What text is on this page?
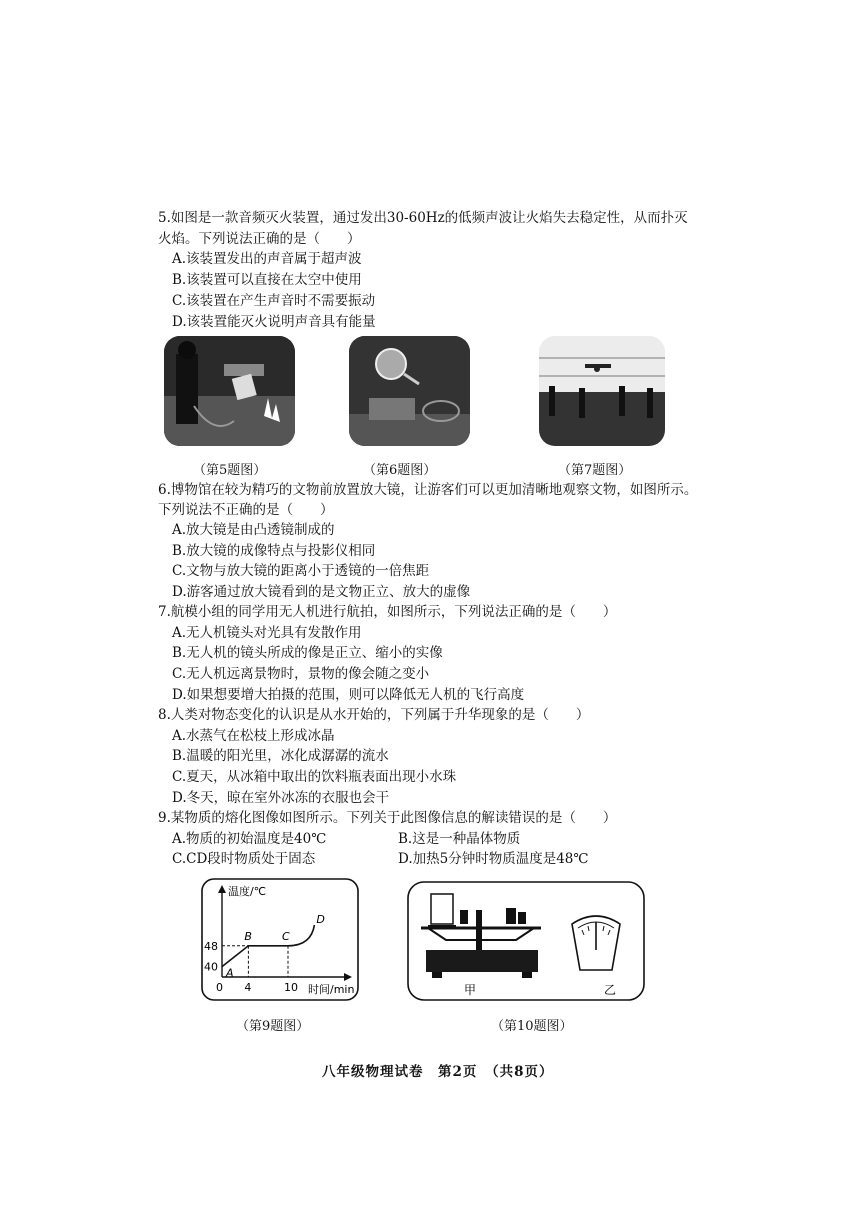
5.如图是一款音频灭火装置，通过发出30-60Hz的低频声波让火焰失去稳定性，从而扑灭
火焰。下列说法正确的是（　　）
A.该装置发出的声音属于超声波
B.该装置可以直接在太空中使用
C.该装置在产生声音时不需要振动
D.该装置能灭火说明声音具有能量
（第5题图）	（第6题图）	（第7题图）
6.博物馆在较为精巧的文物前放置放大镜，让游客们可以更加清晰地观察文物，如图所示。
下列说法不正确的是（　　）
A.放大镜是由凸透镜制成的
B.放大镜的成像特点与投影仪相同
C.文物与放大镜的距离小于透镜的一倍焦距
D.游客通过放大镜看到的是文物正立、放大的虚像
7.航模小组的同学用无人机进行航拍，如图所示，下列说法正确的是（　　）
A.无人机镜头对光具有发散作用
B.无人机的镜头所成的像是正立、缩小的实像
C.无人机远离景物时，景物的像会随之变小
D.如果想要增大拍摄的范围，则可以降低无人机的飞行高度
8.人类对物态变化的认识是从水开始的，下列属于升华现象的是（　　）
A.水蒸气在松枝上形成冰晶
B.温暖的阳光里，冰化成潺潺的流水
C.夏天，从冰箱中取出的饮料瓶表面出现小水珠
D.冬天，晾在室外冰冻的衣服也会干
9.某物质的熔化图像如图所示。下列关于此图像信息的解读错误的是（　　）
A.物质的初始温度是40℃	B.这是一种晶体物质
C.CD段时物质处于固态	D.加热5分钟时物质温度是48℃
温度/℃
时间/min
0
A
B	C
D
4	10
40
48
（第9题图）
甲	乙
（第10题图）
八年级物理试卷　第2页　（共8页）
